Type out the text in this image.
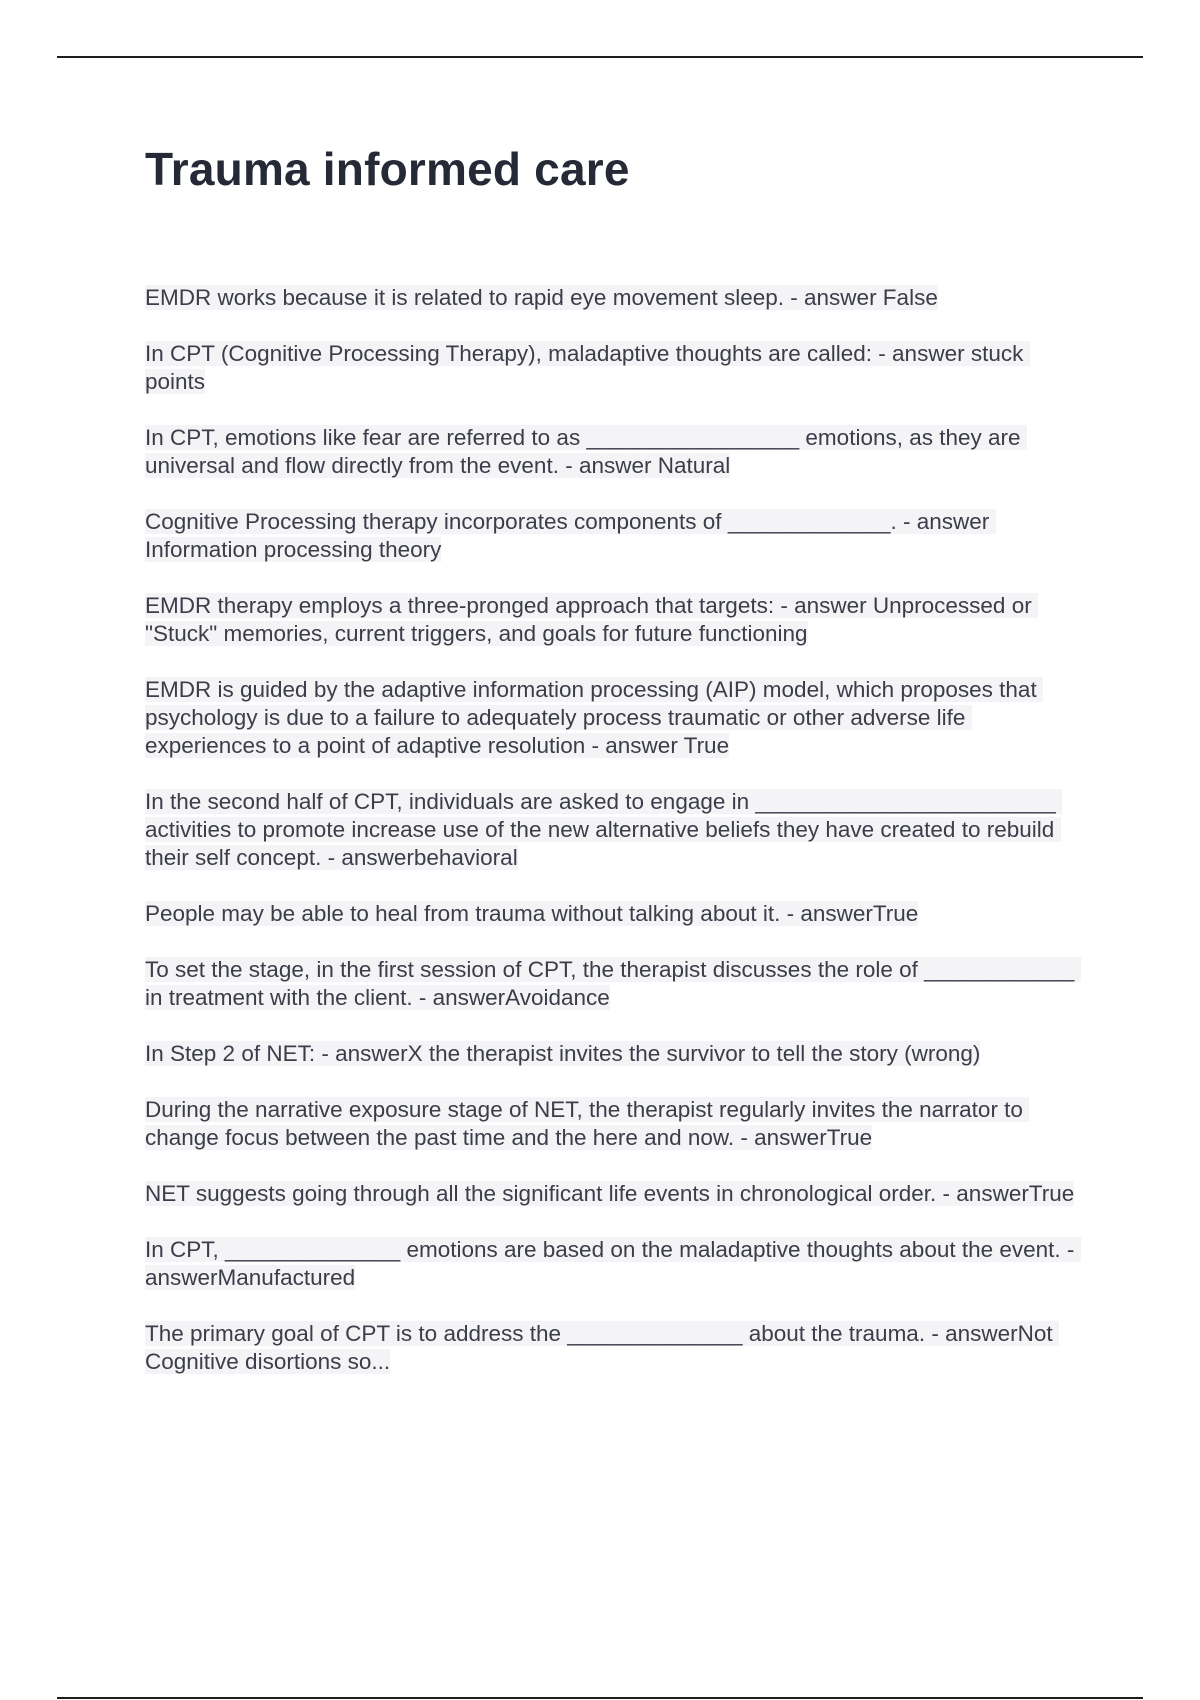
Trauma informed care
EMDR works because it is related to rapid eye movement sleep. - answer False
In CPT (Cognitive Processing Therapy), maladaptive thoughts are called: - answer stuck points
In CPT, emotions like fear are referred to as _________________ emotions, as they are universal and flow directly from the event. - answer Natural
Cognitive Processing therapy incorporates components of _____________. - answer Information processing theory
EMDR therapy employs a three-pronged approach that targets: - answer Unprocessed or "Stuck" memories, current triggers, and goals for future functioning
EMDR is guided by the adaptive information processing (AIP) model, which proposes that psychology is due to a failure to adequately process traumatic or other adverse life experiences to a point of adaptive resolution - answer True
In the second half of CPT, individuals are asked to engage in ________________________ activities to promote increase use of the new alternative beliefs they have created to rebuild their self concept. - answerbehavioral
People may be able to heal from trauma without talking about it. - answerTrue
To set the stage, in the first session of CPT, the therapist discusses the role of ____________ in treatment with the client. - answerAvoidance
In Step 2 of NET: - answerX the therapist invites the survivor to tell the story (wrong)
During the narrative exposure stage of NET, the therapist regularly invites the narrator to change focus between the past time and the here and now. - answerTrue
NET suggests going through all the significant life events in chronological order. - answerTrue
In CPT, ______________ emotions are based on the maladaptive thoughts about the event. - answerManufactured
The primary goal of CPT is to address the ______________ about the trauma. - answerNot Cognitive disortions so...
